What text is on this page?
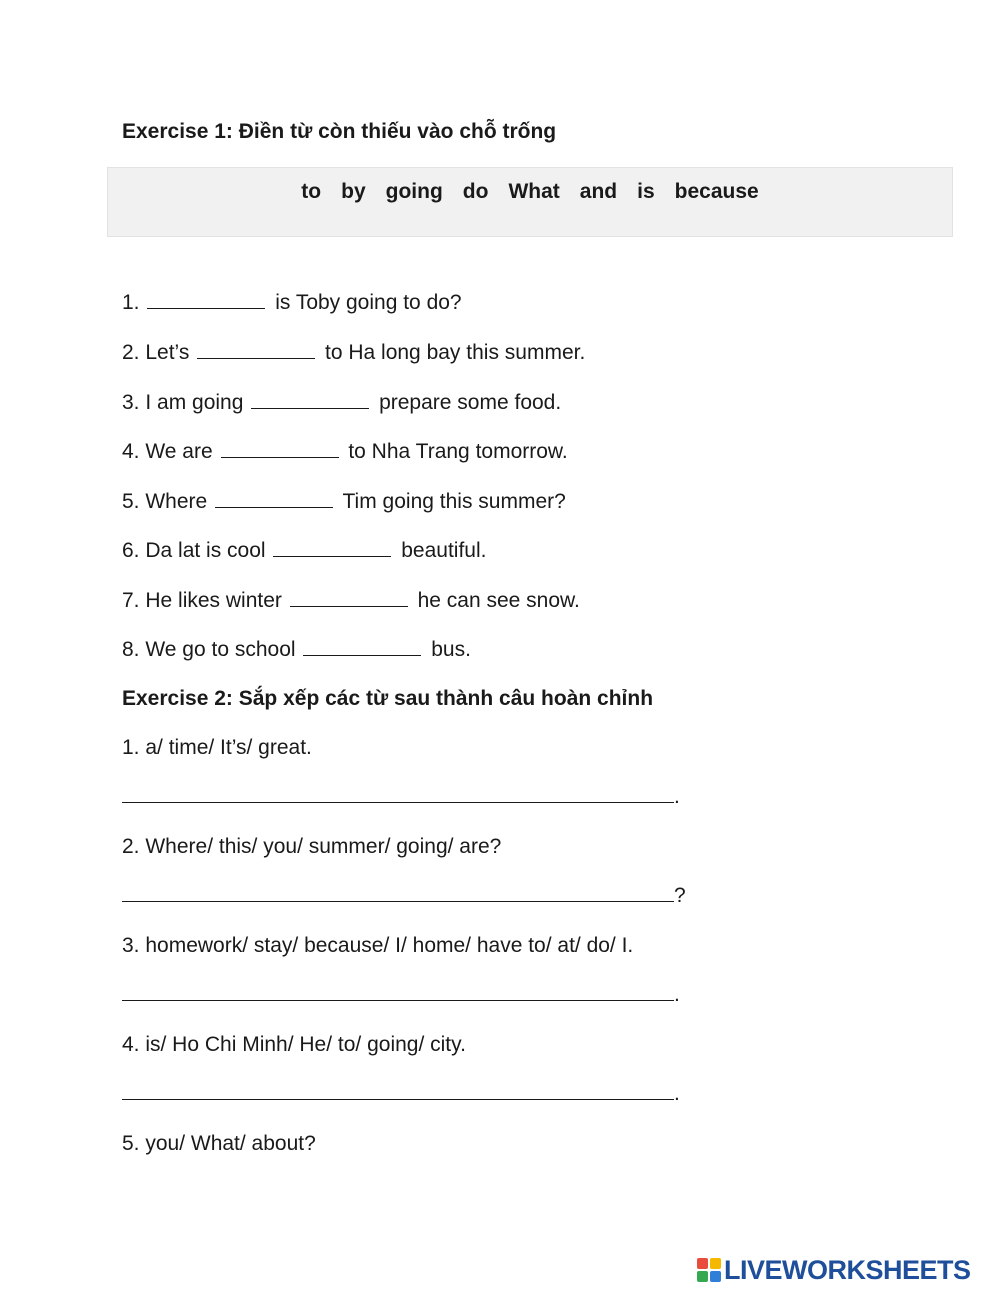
Exercise 1: Điền từ còn thiếu vào chỗ trống
to by going do What and is because
1.	is Toby going to do?
2. Let’s	to Ha long bay this summer.
3. I am going	prepare some food.
4. We are	to Nha Trang tomorrow.
5. Where	Tim going this summer?
6. Da lat is cool	beautiful.
7. He likes winter	he can see snow.
8. We go to school	bus.
Exercise 2: Sắp xếp các từ sau thành câu hoàn chỉnh
1. a/ time/ It’s/ great.
.
2. Where/ this/ you/ summer/ going/ are?
?
3. homework/ stay/ because/ I/ home/ have to/ at/ do/ I.
.
4. is/ Ho Chi Minh/ He/ to/ going/ city.
.
5. you/ What/ about?
LIVEWORKSHEETS
